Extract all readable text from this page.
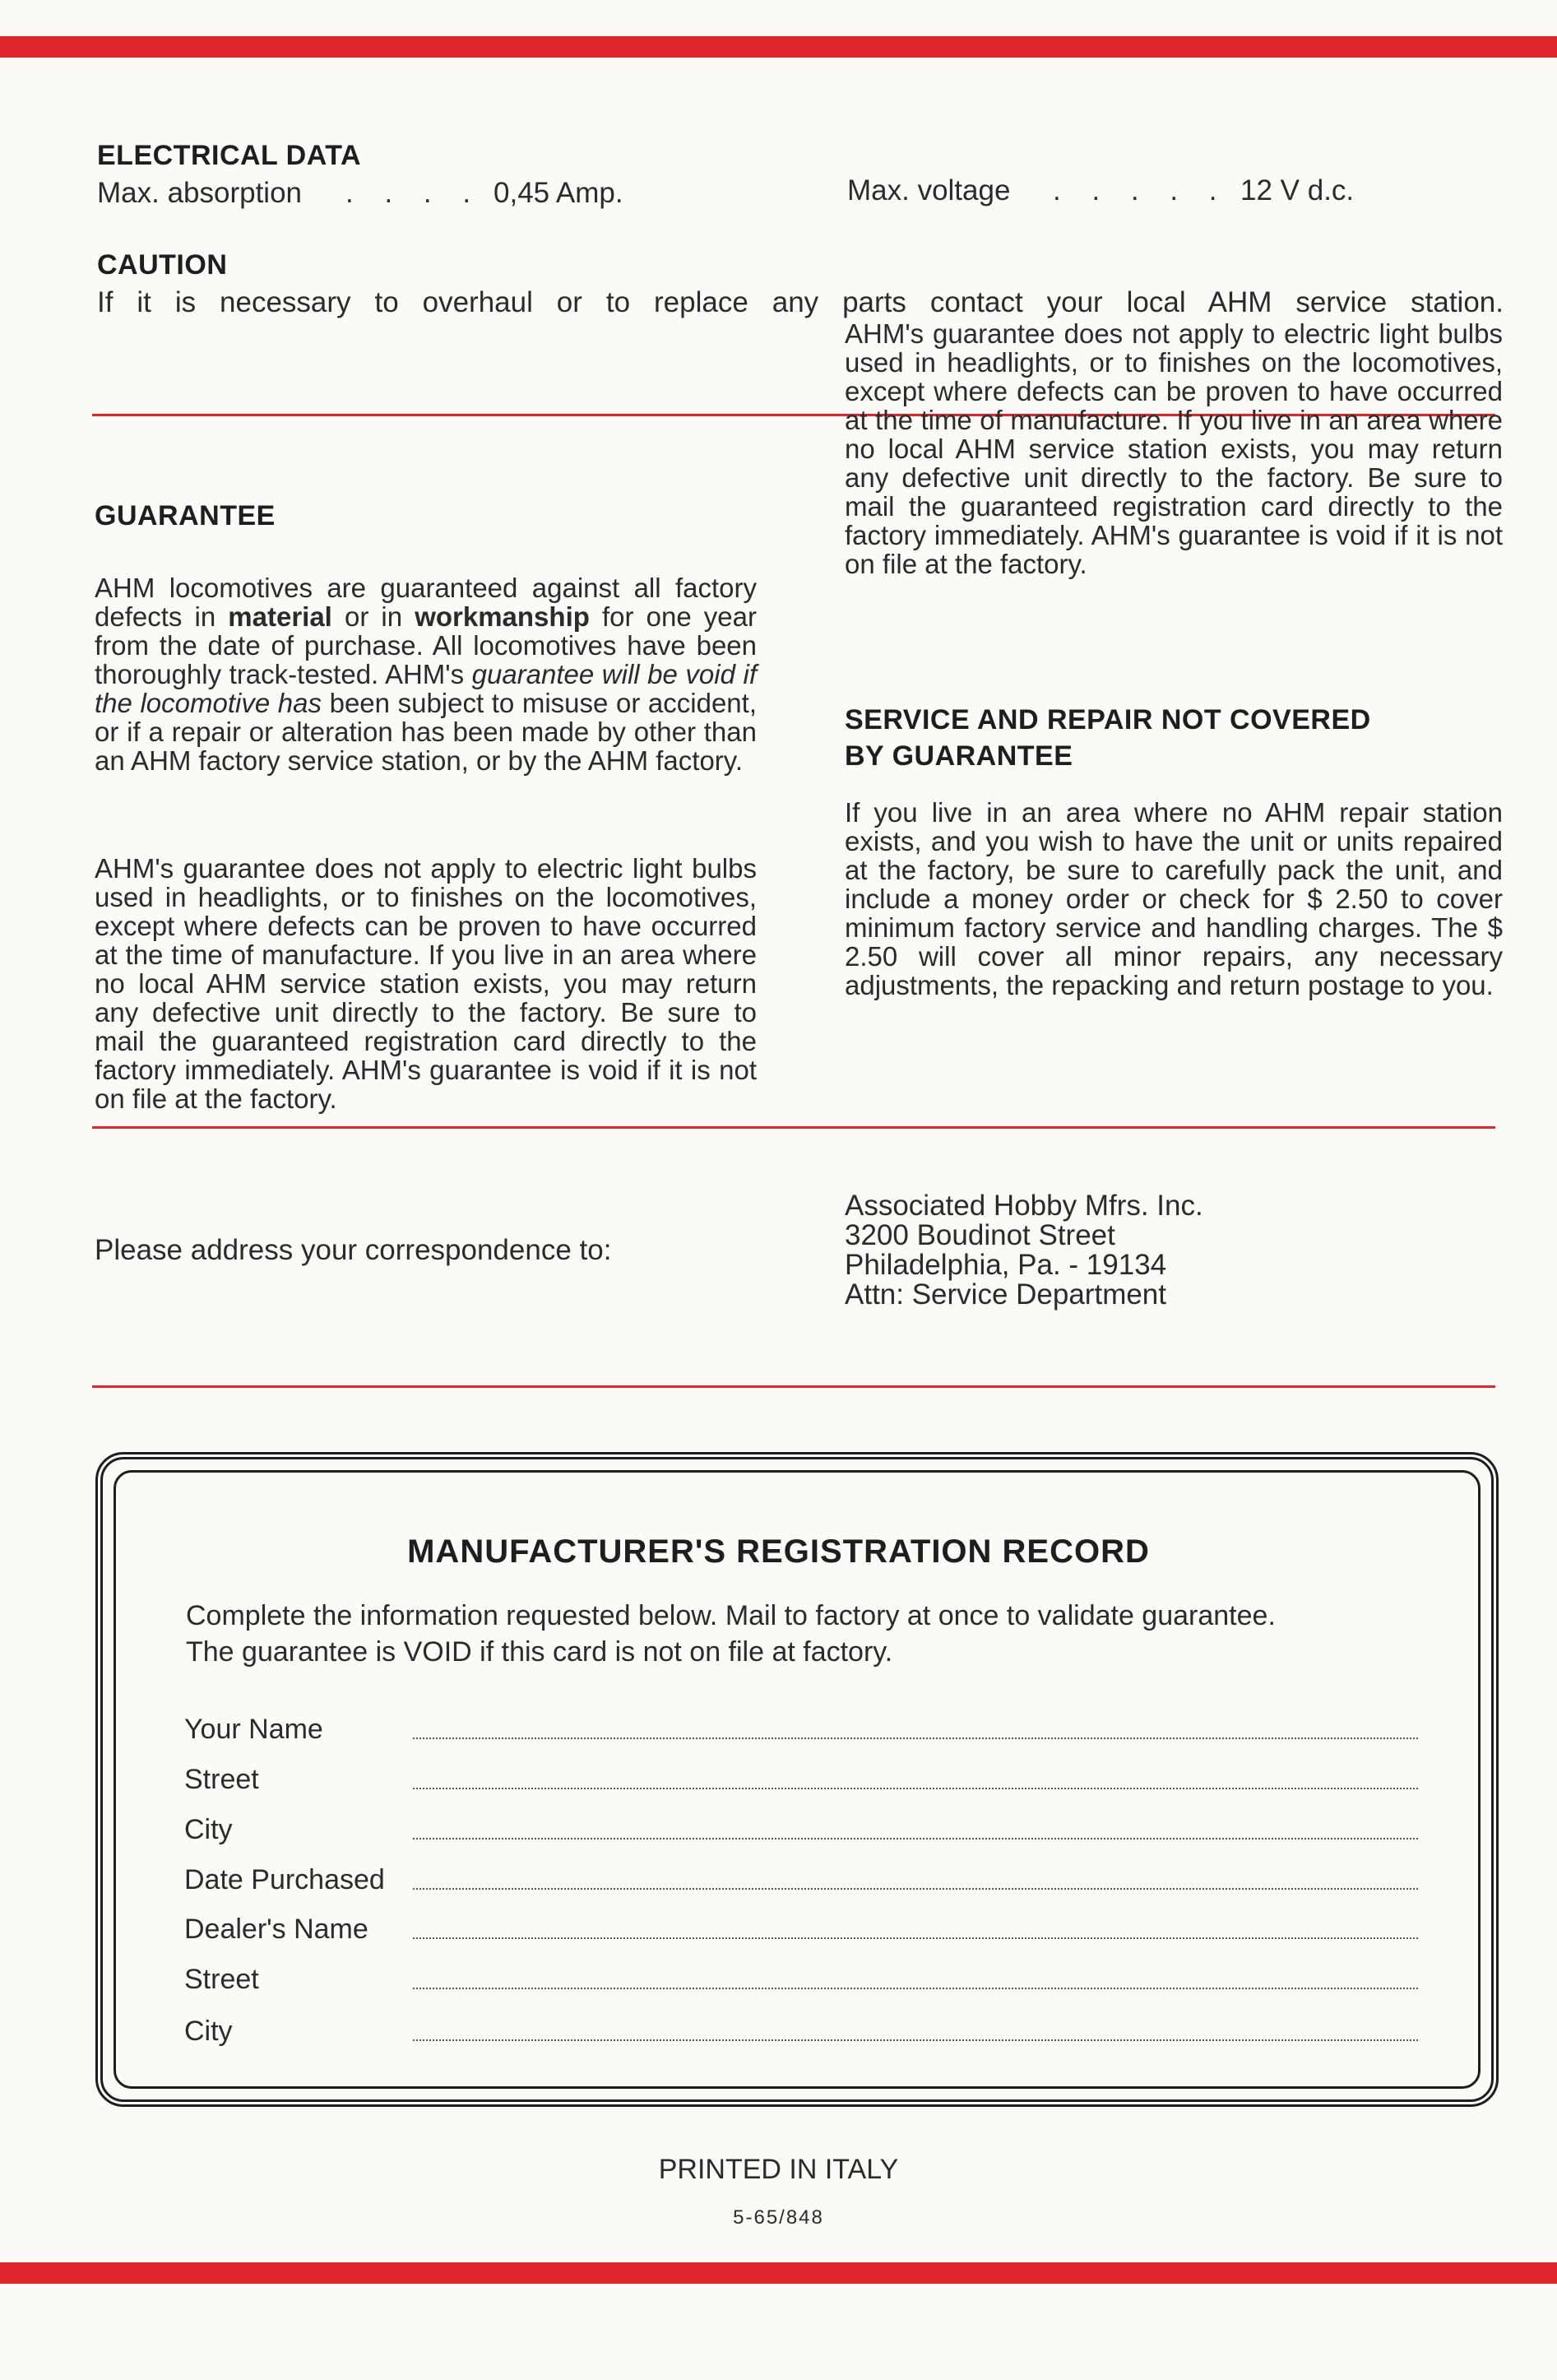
ELECTRICAL DATA
Max. absorption . . . . 0,45 Amp.	Max. voltage . . . . . 12 V d.c.
CAUTION
If it is necessary to overhaul or to replace any parts contact your local AHM service station.
GUARANTEE
AHM locomotives are guaranteed against all factory defects in material or in workmanship for one year from the date of purchase. All locomotives have been thoroughly track-tested. AHM's guarantee will be void if the locomotive has been subject to misuse or accident, or if a repair or alteration has been made by other than an AHM factory service station, or by the AHM factory.
AHM's guarantee does not apply to electric light bulbs used in headlights, or to finishes on the locomotives, except where defects can be proven to have occurred at the time of manufacture. If you live in an area where no local AHM service station exists, you may return any defective unit directly to the factory. Be sure to mail the guaranteed registration card directly to the factory immediately. AHM's guarantee is void if it is not on file at the factory.
AHM's guarantee does not apply to electric light bulbs used in headlights, or to finishes on the locomotives, except where defects can be proven to have occurred at the time of manufacture. If you live in an area where no local AHM service station exists, you may return any defective unit directly to the factory. Be sure to mail the guaranteed registration card directly to the factory immediately. AHM's guarantee is void if it is not on file at the factory.
SERVICE AND REPAIR NOT COVERED
BY GUARANTEE
If you live in an area where no AHM repair station exists, and you wish to have the unit or units repaired at the factory, be sure to carefully pack the unit, and include a money order or check for $ 2.50 to cover minimum factory service and handling charges. The $ 2.50 will cover all minor repairs, any necessary adjustments, the repacking and return postage to you.
Please address your correspondence to:
Associated Hobby Mfrs. Inc.
3200 Boudinot Street
Philadelphia, Pa. - 19134
Attn: Service Department
MANUFACTURER'S REGISTRATION RECORD
Complete the information requested below. Mail to factory at once to validate guarantee.
The guarantee is VOID if this card is not on file at factory.
Your Name
Street
City
Date Purchased
Dealer's Name
Street
City
PRINTED IN ITALY
5-65/848
